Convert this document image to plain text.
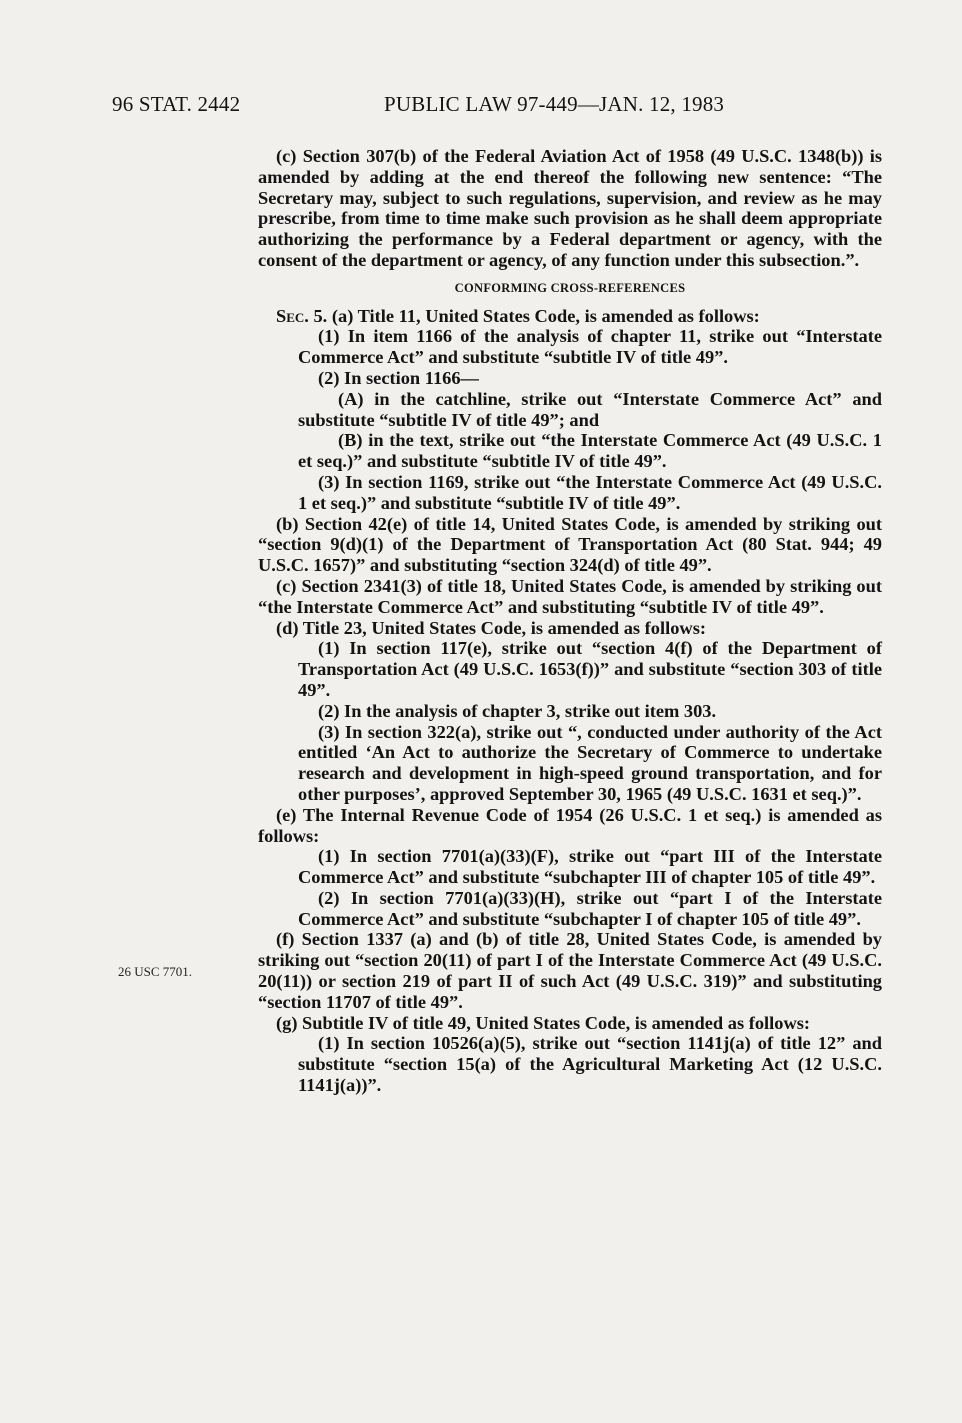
96 STAT. 2442	PUBLIC LAW 97-449—JAN. 12, 1983

(c) Section 307(b) of the Federal Aviation Act of 1958 (49 U.S.C. 1348(b)) is amended by adding at the end thereof the following new sentence: “The Secretary may, subject to such regulations, supervision, and review as he may prescribe, from time to time make such provision as he shall deem appropriate authorizing the performance by a Federal department or agency, with the consent of the department or agency, of any function under this subsection.”.

CONFORMING CROSS-REFERENCES

Sec. 5. (a) Title 11, United States Code, is amended as follows:

(1) In item 1166 of the analysis of chapter 11, strike out “Interstate Commerce Act” and substitute “subtitle IV of title 49”.

(2) In section 1166—

(A) in the catchline, strike out “Interstate Commerce Act” and substitute “subtitle IV of title 49”; and

(B) in the text, strike out “the Interstate Commerce Act (49 U.S.C. 1 et seq.)” and substitute “subtitle IV of title 49”.

(3) In section 1169, strike out “the Interstate Commerce Act (49 U.S.C. 1 et seq.)” and substitute “subtitle IV of title 49”.

(b) Section 42(e) of title 14, United States Code, is amended by striking out “section 9(d)(1) of the Department of Transportation Act (80 Stat. 944; 49 U.S.C. 1657)” and substituting “section 324(d) of title 49”.

(c) Section 2341(3) of title 18, United States Code, is amended by striking out “the Interstate Commerce Act” and substituting “subtitle IV of title 49”.

(d) Title 23, United States Code, is amended as follows:

(1) In section 117(e), strike out “section 4(f) of the Department of Transportation Act (49 U.S.C. 1653(f))” and substitute “section 303 of title 49”.

(2) In the analysis of chapter 3, strike out item 303.

(3) In section 322(a), strike out “, conducted under authority of the Act entitled ‘An Act to authorize the Secretary of Commerce to undertake research and development in high-speed ground transportation, and for other purposes’, approved September 30, 1965 (49 U.S.C. 1631 et seq.)”.

(e) The Internal Revenue Code of 1954 (26 U.S.C. 1 et seq.) is amended as follows:

(1) In section 7701(a)(33)(F), strike out “part III of the Interstate Commerce Act” and substitute “subchapter III of chapter 105 of title 49”.

(2) In section 7701(a)(33)(H), strike out “part I of the Interstate Commerce Act” and substitute “subchapter I of chapter 105 of title 49”.

(f) Section 1337 (a) and (b) of title 28, United States Code, is amended by striking out “section 20(11) of part I of the Interstate Commerce Act (49 U.S.C. 20(11)) or section 219 of part II of such Act (49 U.S.C. 319)” and substituting “section 11707 of title 49”.

(g) Subtitle IV of title 49, United States Code, is amended as follows:

(1) In section 10526(a)(5), strike out “section 1141j(a) of title 12” and substitute “section 15(a) of the Agricultural Marketing Act (12 U.S.C. 1141j(a))”.

26 USC 7701.
